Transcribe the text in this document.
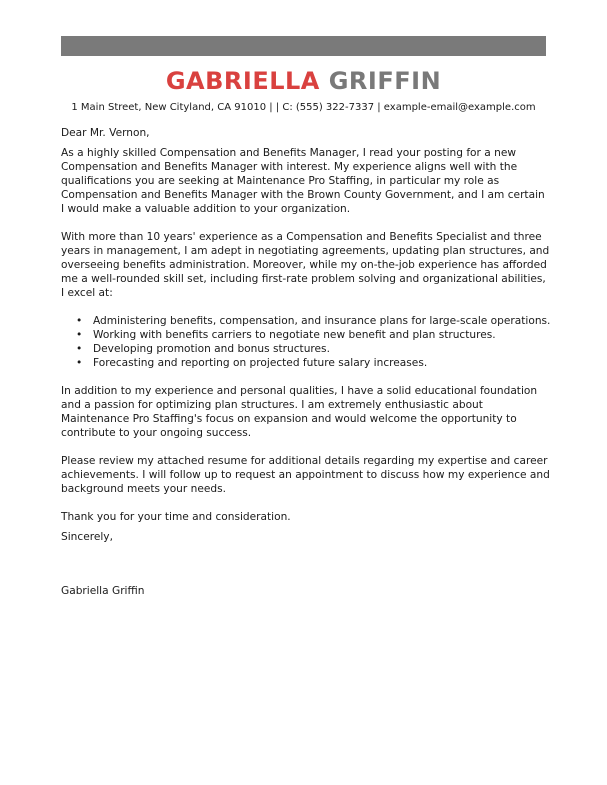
GABRIELLA GRIFFIN
1 Main Street, New Cityland, CA 91010 | | C: (555) 322-7337 | example-email@example.com

Dear Mr. Vernon,

As a highly skilled Compensation and Benefits Manager, I read your posting for a new Compensation and Benefits Manager with interest. My experience aligns well with the qualifications you are seeking at Maintenance Pro Staffing, in particular my role as Compensation and Benefits Manager with the Brown County Government, and I am certain I would make a valuable addition to your organization.

With more than 10 years' experience as a Compensation and Benefits Specialist and three years in management, I am adept in negotiating agreements, updating plan structures, and overseeing benefits administration. Moreover, while my on-the-job experience has afforded me a well-rounded skill set, including first-rate problem solving and organizational abilities, I excel at:

• Administering benefits, compensation, and insurance plans for large-scale operations.
• Working with benefits carriers to negotiate new benefit and plan structures.
• Developing promotion and bonus structures.
• Forecasting and reporting on projected future salary increases.

In addition to my experience and personal qualities, I have a solid educational foundation and a passion for optimizing plan structures. I am extremely enthusiastic about Maintenance Pro Staffing's focus on expansion and would welcome the opportunity to contribute to your ongoing success.

Please review my attached resume for additional details regarding my expertise and career achievements. I will follow up to request an appointment to discuss how my experience and background meets your needs.

Thank you for your time and consideration.

Sincerely,

Gabriella Griffin
